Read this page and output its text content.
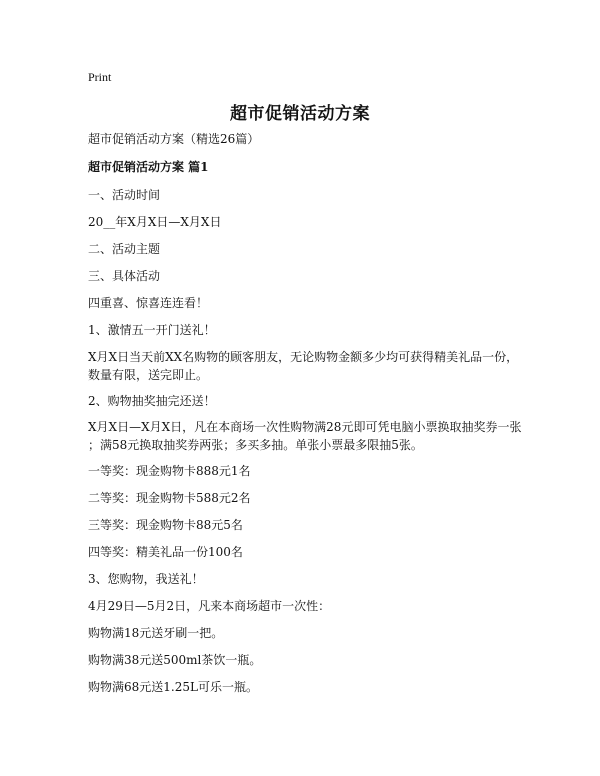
Print
超市促销活动方案
超市促销活动方案（精选26篇）
超市促销活动方案 篇1
一、活动时间
20__年X月X日—X月X日
二、活动主题
三、具体活动
四重喜、惊喜连连看！
1、激情五一开门送礼！
X月X日当天前XX名购物的顾客朋友，无论购物金额多少均可获得精美礼品一份，
数量有限，送完即止。
2、购物抽奖抽完还送！
X月X日—X月X日，凡在本商场一次性购物满28元即可凭电脑小票换取抽奖券一张
；满58元换取抽奖券两张；多买多抽。单张小票最多限抽5张。
一等奖：现金购物卡888元1名
二等奖：现金购物卡588元2名
三等奖：现金购物卡88元5名
四等奖：精美礼品一份100名
3、您购物，我送礼！
4月29日—5月2日，凡来本商场超市一次性：
购物满18元送牙刷一把。
购物满38元送500ml茶饮一瓶。
购物满68元送1.25L可乐一瓶。
